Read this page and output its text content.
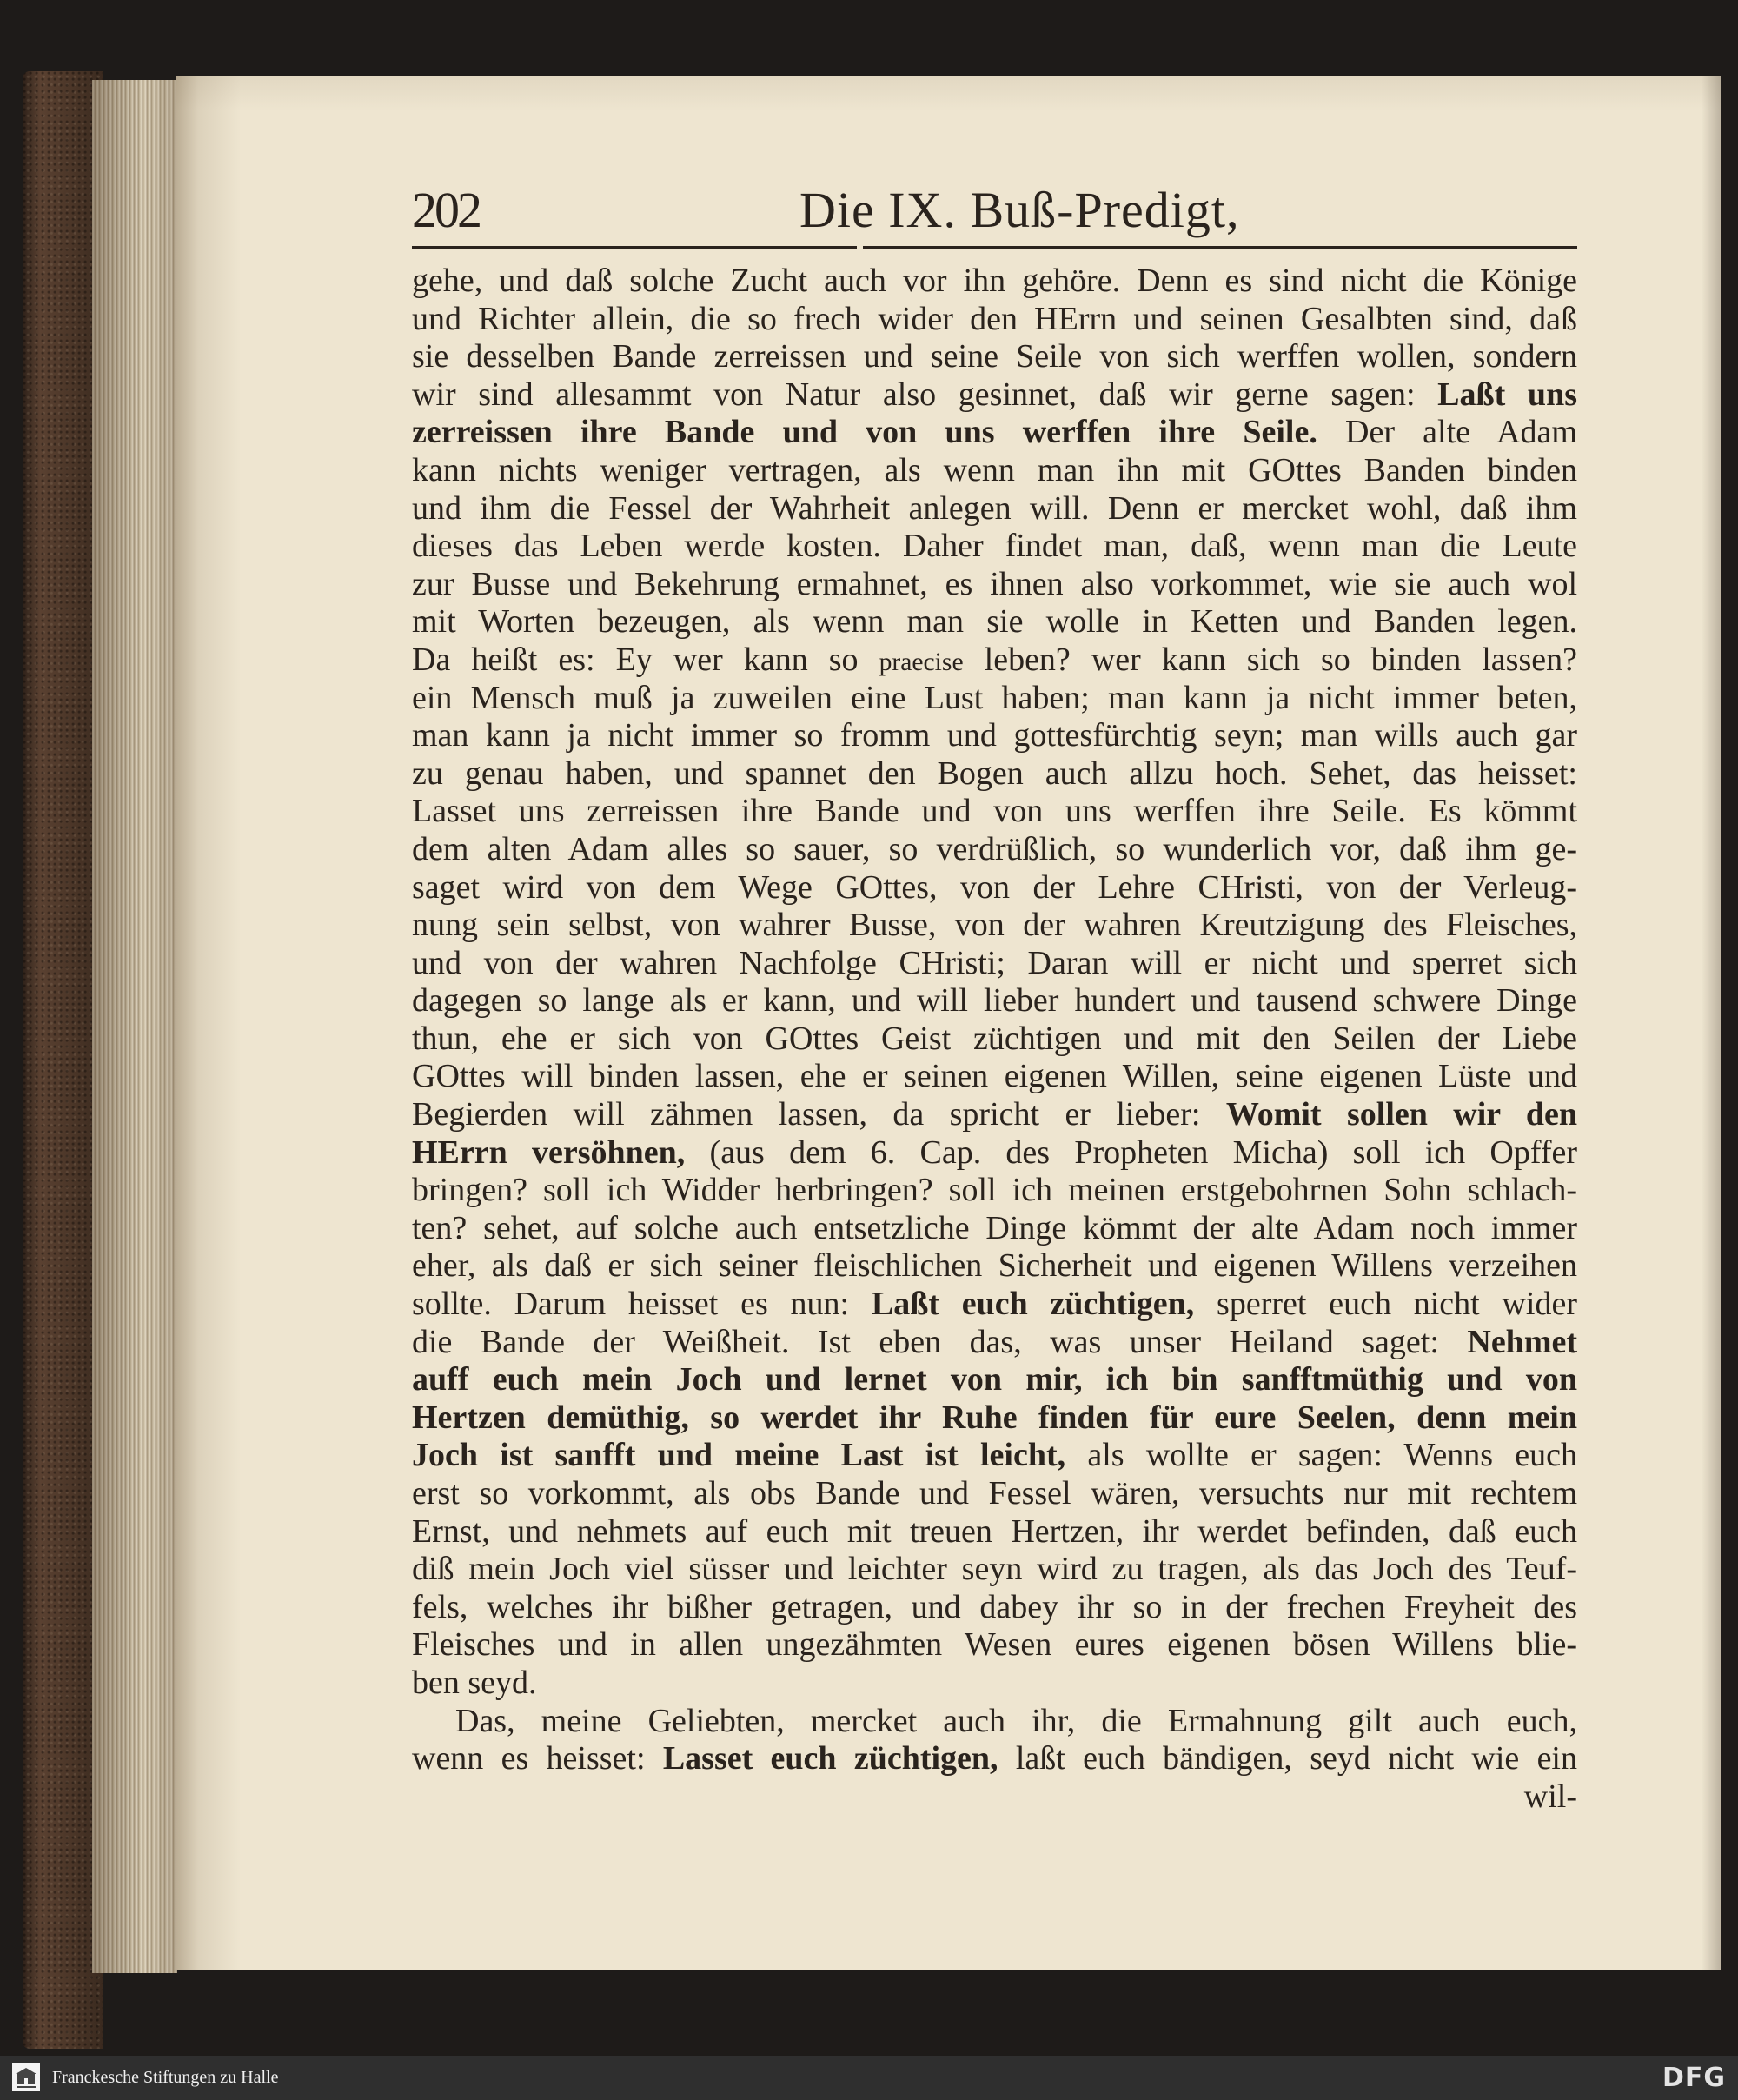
202	Die IX. Buß-Predigt,
gehe, und daß solche Zucht auch vor ihn gehöre. Denn es sind nicht die Könige
und Richter allein, die so frech wider den HErrn und seinen Gesalbten sind, daß
sie desselben Bande zerreissen und seine Seile von sich werffen wollen, sondern
wir sind allesammt von Natur also gesinnet, daß wir gerne sagen: Laßt uns
zerreissen ihre Bande und von uns werffen ihre Seile. Der alte Adam
kann nichts weniger vertragen, als wenn man ihn mit GOttes Banden binden
und ihm die Fessel der Wahrheit anlegen will. Denn er mercket wohl, daß ihm
dieses das Leben werde kosten. Daher findet man, daß, wenn man die Leute
zur Busse und Bekehrung ermahnet, es ihnen also vorkommet, wie sie auch wol
mit Worten bezeugen, als wenn man sie wolle in Ketten und Banden legen.
Da heißt es: Ey wer kann so praecise leben? wer kann sich so binden lassen?
ein Mensch muß ja zuweilen eine Lust haben; man kann ja nicht immer beten,
man kann ja nicht immer so fromm und gottesfürchtig seyn; man wills auch gar
zu genau haben, und spannet den Bogen auch allzu hoch. Sehet, das heisset:
Lasset uns zerreissen ihre Bande und von uns werffen ihre Seile. Es kömmt
dem alten Adam alles so sauer, so verdrüßlich, so wunderlich vor, daß ihm ge-
saget wird von dem Wege GOttes, von der Lehre CHristi, von der Verleug-
nung sein selbst, von wahrer Busse, von der wahren Kreutzigung des Fleisches,
und von der wahren Nachfolge CHristi; Daran will er nicht und sperret sich
dagegen so lange als er kann, und will lieber hundert und tausend schwere Dinge
thun, ehe er sich von GOttes Geist züchtigen und mit den Seilen der Liebe
GOttes will binden lassen, ehe er seinen eigenen Willen, seine eigenen Lüste und
Begierden will zähmen lassen, da spricht er lieber: Womit sollen wir den
HErrn versöhnen, (aus dem 6. Cap. des Propheten Micha) soll ich Opffer
bringen? soll ich Widder herbringen? soll ich meinen erstgebohrnen Sohn schlach-
ten? sehet, auf solche auch entsetzliche Dinge kömmt der alte Adam noch immer
eher, als daß er sich seiner fleischlichen Sicherheit und eigenen Willens verzeihen
sollte. Darum heisset es nun: Laßt euch züchtigen, sperret euch nicht wider
die Bande der Weißheit. Ist eben das, was unser Heiland saget: Nehmet
auff euch mein Joch und lernet von mir, ich bin sanfftmüthig und von
Hertzen demüthig, so werdet ihr Ruhe finden für eure Seelen, denn mein
Joch ist sanfft und meine Last ist leicht, als wollte er sagen: Wenns euch
erst so vorkommt, als obs Bande und Fessel wären, versuchts nur mit rechtem
Ernst, und nehmets auf euch mit treuen Hertzen, ihr werdet befinden, daß euch
diß mein Joch viel süsser und leichter seyn wird zu tragen, als das Joch des Teuf-
fels, welches ihr bißher getragen, und dabey ihr so in der frechen Freyheit des
Fleisches und in allen ungezähmten Wesen eures eigenen bösen Willens blie-
ben seyd.
Das, meine Geliebten, mercket auch ihr, die Ermahnung gilt auch euch,
wenn es heisset: Lasset euch züchtigen, laßt euch bändigen, seyd nicht wie ein
wil-
Franckesche Stiftungen zu Halle	DFG
